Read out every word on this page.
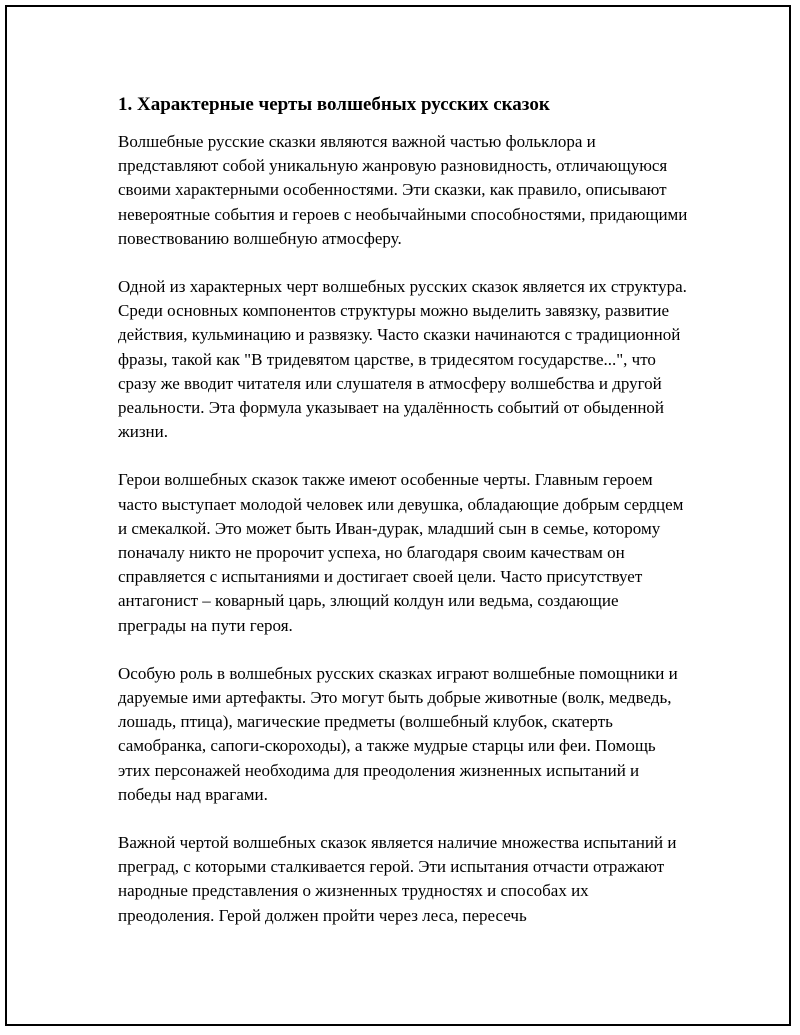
1. Характерные черты волшебных русских сказок

Волшебные русские сказки являются важной частью фольклора и представляют собой уникальную жанровую разновидность, отличающуюся своими характерными особенностями. Эти сказки, как правило, описывают невероятные события и героев с необычайными способностями, придающими повествованию волшебную атмосферу.

Одной из характерных черт волшебных русских сказок является их структура. Среди основных компонентов структуры можно выделить завязку, развитие действия, кульминацию и развязку. Часто сказки начинаются с традиционной фразы, такой как "В тридевятом царстве, в тридесятом государстве...", что сразу же вводит читателя или слушателя в атмосферу волшебства и другой реальности. Эта формула указывает на удалённость событий от обыденной жизни.

Герои волшебных сказок также имеют особенные черты. Главным героем часто выступает молодой человек или девушка, обладающие добрым сердцем и смекалкой. Это может быть Иван-дурак, младший сын в семье, которому поначалу никто не пророчит успеха, но благодаря своим качествам он справляется с испытаниями и достигает своей цели. Часто присутствует антагонист – коварный царь, злющий колдун или ведьма, создающие преграды на пути героя.

Особую роль в волшебных русских сказках играют волшебные помощники и даруемые ими артефакты. Это могут быть добрые животные (волк, медведь, лошадь, птица), магические предметы (волшебный клубок, скатерть самобранка, сапоги-скороходы), а также мудрые старцы или феи. Помощь этих персонажей необходима для преодоления жизненных испытаний и победы над врагами.

Важной чертой волшебных сказок является наличие множества испытаний и преград, с которыми сталкивается герой. Эти испытания отчасти отражают народные представления о жизненных трудностях и способах их преодоления. Герой должен пройти через леса, пересечь
